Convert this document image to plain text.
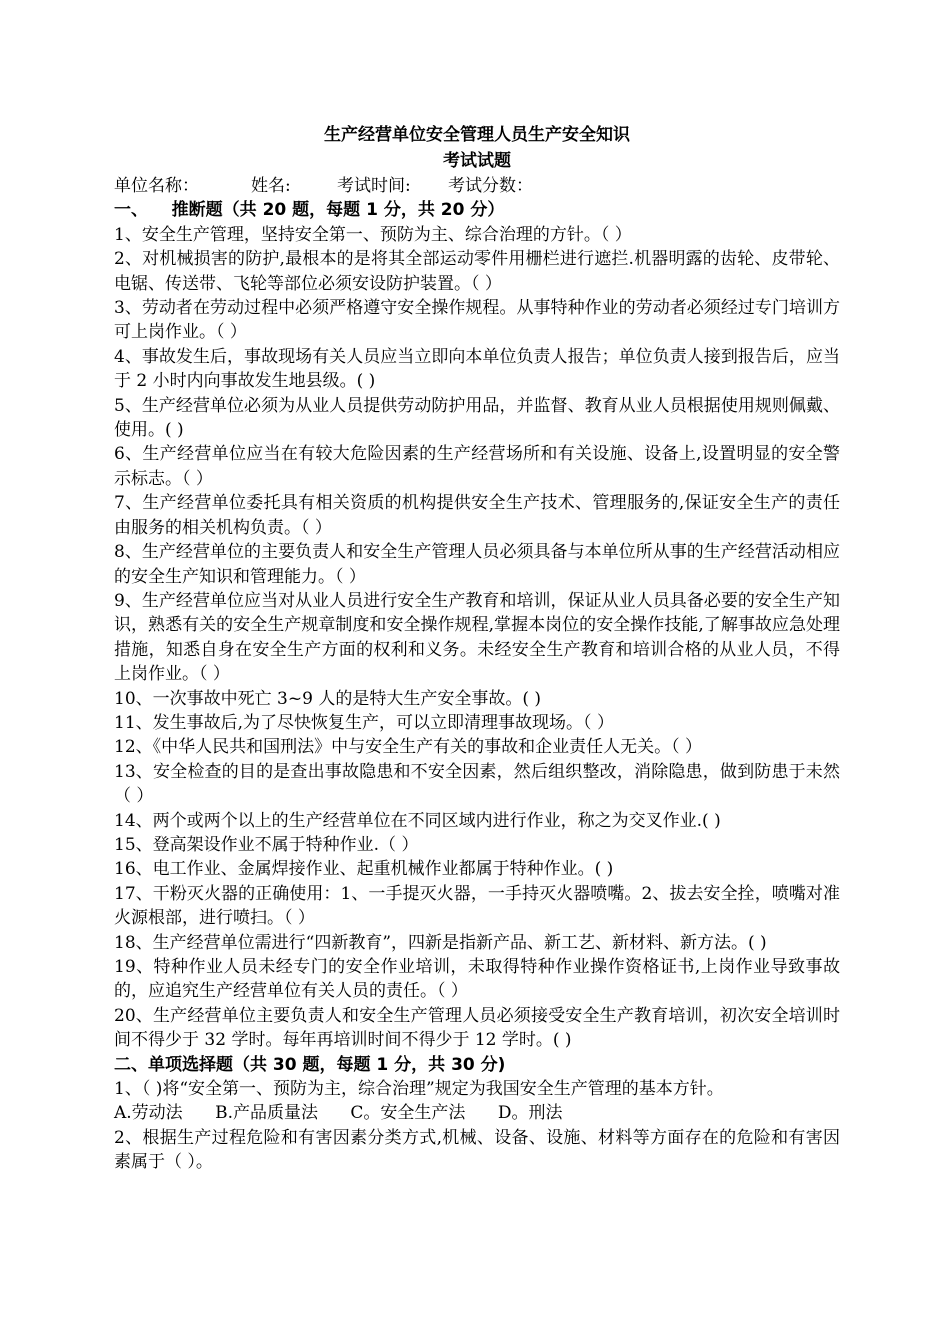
生产经营单位安全管理人员生产安全知识

考试试题

单位名称：	姓名:	考试时间:	考试分数：

一、    推断题（共 20 题，每题 1 分，共 20 分）

1、安全生产管理，坚持安全第一、预防为主、综合治理的方针。（ ）

2、对机械损害的防护,最根本的是将其全部运动零件用栅栏进行遮拦.机器明露的齿轮、皮带轮、电锯、传送带、飞轮等部位必须安设防护装置。（ ）

3、劳动者在劳动过程中必须严格遵守安全操作规程。从事特种作业的劳动者必须经过专门培训方可上岗作业。（ ）

4、事故发生后，事故现场有关人员应当立即向本单位负责人报告；单位负责人接到报告后，应当于 2 小时内向事故发生地县级。( )

5、生产经营单位必须为从业人员提供劳动防护用品，并监督、教育从业人员根据使用规则佩戴、使用。( )

6、生产经营单位应当在有较大危险因素的生产经营场所和有关设施、设备上,设置明显的安全警示标志。（ ）

7、生产经营单位委托具有相关资质的机构提供安全生产技术、管理服务的,保证安全生产的责任由服务的相关机构负责。（ ）

8、生产经营单位的主要负责人和安全生产管理人员必须具备与本单位所从事的生产经营活动相应的安全生产知识和管理能力。（ ）

9、生产经营单位应当对从业人员进行安全生产教育和培训，保证从业人员具备必要的安全生产知识，熟悉有关的安全生产规章制度和安全操作规程,掌握本岗位的安全操作技能,了解事故应急处理措施，知悉自身在安全生产方面的权利和义务。未经安全生产教育和培训合格的从业人员，不得上岗作业。（ ）

10、一次事故中死亡 3~9 人的是特大生产安全事故。( )

11、发生事故后,为了尽快恢复生产，可以立即清理事故现场。（ ）

12、《中华人民共和国刑法》中与安全生产有关的事故和企业责任人无关。（ ）

13、安全检查的目的是查出事故隐患和不安全因素，然后组织整改，消除隐患，做到防患于未然（ ）

14、两个或两个以上的生产经营单位在不同区域内进行作业，称之为交叉作业.( )

15、登高架设作业不属于特种作业.（ ）

16、电工作业、金属焊接作业、起重机械作业都属于特种作业。( )

17、干粉灭火器的正确使用：1、一手提灭火器，一手持灭火器喷嘴。2、拔去安全拴，喷嘴对准火源根部，进行喷扫。（ ）

18、生产经营单位需进行“四新教育”，四新是指新产品、新工艺、新材料、新方法。( )

19、特种作业人员未经专门的安全作业培训，未取得特种作业操作资格证书,上岗作业导致事故的，应追究生产经营单位有关人员的责任。（ ）

20、生产经营单位主要负责人和安全生产管理人员必须接受安全生产教育培训，初次安全培训时间不得少于 32 学时。每年再培训时间不得少于 12 学时。( )

二、单项选择题（共 30 题，每题 1 分，共 30 分)

1、（ )将“安全第一、预防为主，综合治理”规定为我国安全生产管理的基本方针。

A.劳动法      B.产品质量法      C。安全生产法      D。刑法

2、根据生产过程危险和有害因素分类方式,机械、设备、设施、材料等方面存在的危险和有害因素属于（ ）。
